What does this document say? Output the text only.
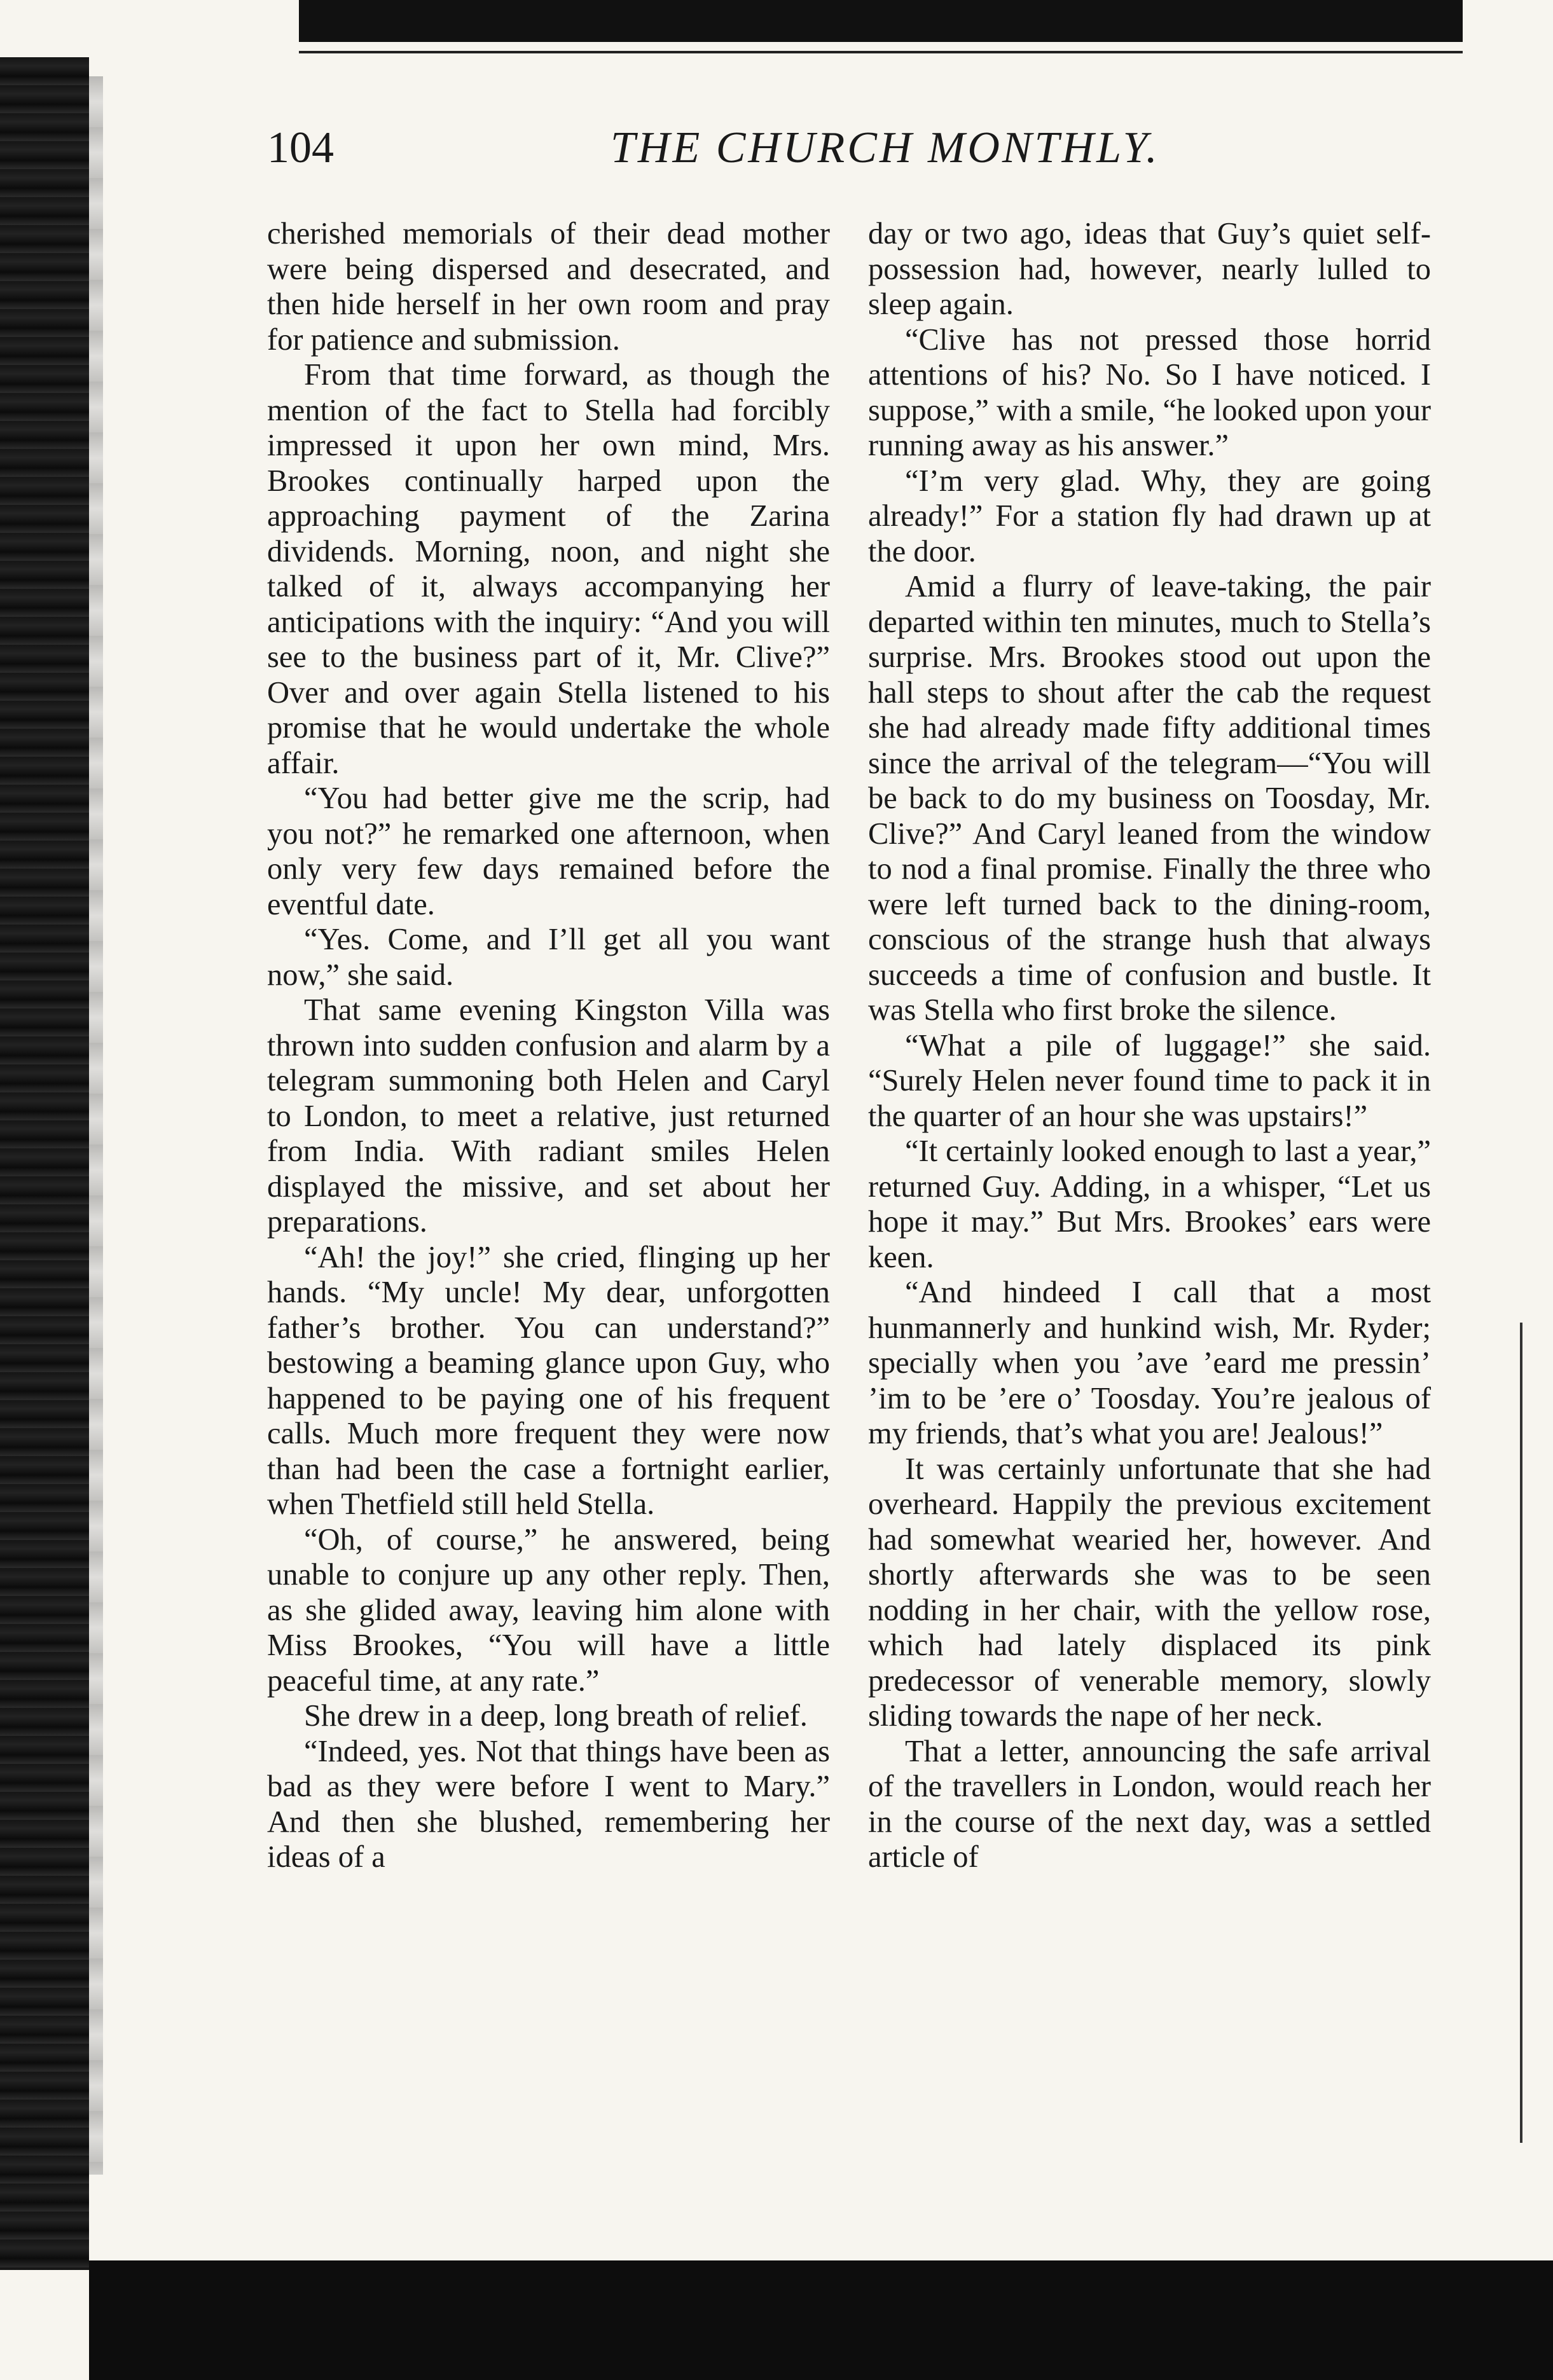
104	THE CHURCH MONTHLY.

cherished memorials of their dead mother were being dispersed and desecrated, and then hide herself in her own room and pray for patience and submission.

From that time forward, as though the mention of the fact to Stella had forcibly impressed it upon her own mind, Mrs. Brookes continually harped upon the approaching payment of the Zarina dividends. Morning, noon, and night she talked of it, always accompanying her anticipations with the inquiry: “And you will see to the business part of it, Mr. Clive?” Over and over again Stella listened to his promise that he would undertake the whole affair.

“You had better give me the scrip, had you not?” he remarked one afternoon, when only very few days remained before the eventful date.

“Yes. Come, and I’ll get all you want now,” she said.

That same evening Kingston Villa was thrown into sudden confusion and alarm by a telegram summoning both Helen and Caryl to London, to meet a relative, just returned from India. With radiant smiles Helen displayed the missive, and set about her preparations.

“Ah! the joy!” she cried, flinging up her hands. “My uncle! My dear, unforgotten father’s brother. You can understand?” bestowing a beaming glance upon Guy, who happened to be paying one of his frequent calls. Much more frequent they were now than had been the case a fortnight earlier, when Thetfield still held Stella.

“Oh, of course,” he answered, being unable to conjure up any other reply. Then, as she glided away, leaving him alone with Miss Brookes, “You will have a little peaceful time, at any rate.”

She drew in a deep, long breath of relief.

“Indeed, yes. Not that things have been as bad as they were before I went to Mary.” And then she blushed, remembering her ideas of a

day or two ago, ideas that Guy’s quiet self-possession had, however, nearly lulled to sleep again.

“Clive has not pressed those horrid attentions of his? No. So I have noticed. I suppose,” with a smile, “he looked upon your running away as his answer.”

“I’m very glad. Why, they are going already!” For a station fly had drawn up at the door.

Amid a flurry of leave-taking, the pair departed within ten minutes, much to Stella’s surprise. Mrs. Brookes stood out upon the hall steps to shout after the cab the request she had already made fifty additional times since the arrival of the telegram—“You will be back to do my business on Toosday, Mr. Clive?” And Caryl leaned from the window to nod a final promise. Finally the three who were left turned back to the dining-room, conscious of the strange hush that always succeeds a time of confusion and bustle. It was Stella who first broke the silence.

“What a pile of luggage!” she said. “Surely Helen never found time to pack it in the quarter of an hour she was upstairs!”

“It certainly looked enough to last a year,” returned Guy. Adding, in a whisper, “Let us hope it may.” But Mrs. Brookes’ ears were keen.

“And hindeed I call that a most hunmannerly and hunkind wish, Mr. Ryder; specially when you ’ave ’eard me pressin’ ’im to be ’ere o’ Toosday. You’re jealous of my friends, that’s what you are! Jealous!”

It was certainly unfortunate that she had overheard. Happily the previous excitement had somewhat wearied her, however. And shortly afterwards she was to be seen nodding in her chair, with the yellow rose, which had lately displaced its pink predecessor of venerable memory, slowly sliding towards the nape of her neck.

That a letter, announcing the safe arrival of the travellers in London, would reach her in the course of the next day, was a settled article of
